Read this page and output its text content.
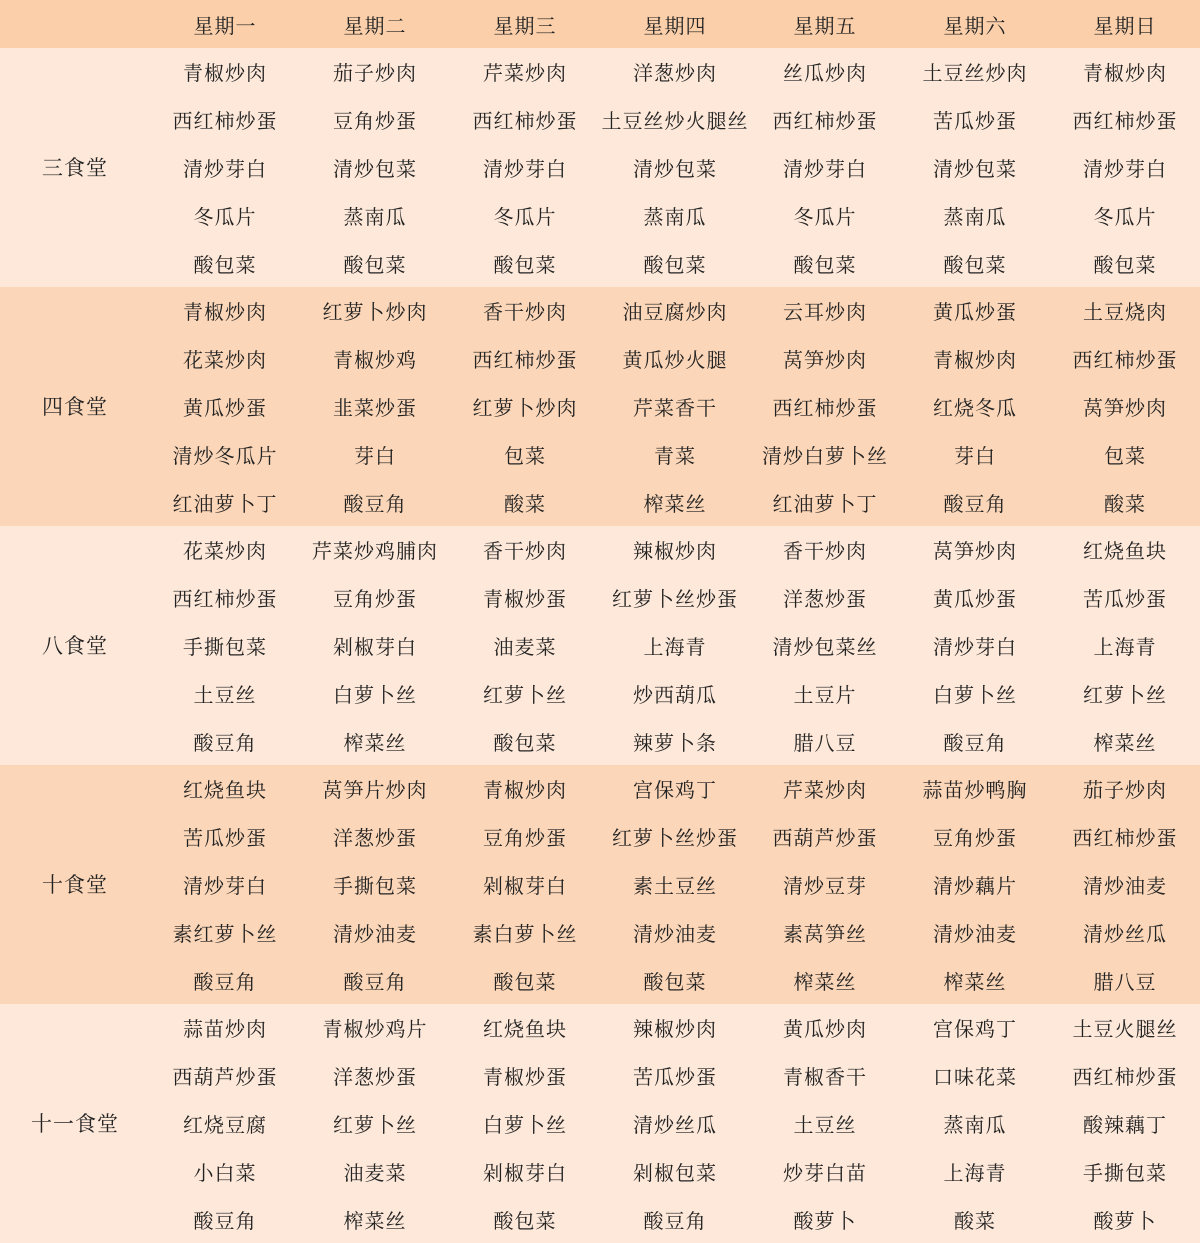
	星期一	星期二	星期三	星期四	星期五	星期六	星期日
三食堂	青椒炒肉	茄子炒肉	芹菜炒肉	洋葱炒肉	丝瓜炒肉	土豆丝炒肉	青椒炒肉
	西红柿炒蛋	豆角炒蛋	西红柿炒蛋	土豆丝炒火腿丝	西红柿炒蛋	苦瓜炒蛋	西红柿炒蛋
	清炒芽白	清炒包菜	清炒芽白	清炒包菜	清炒芽白	清炒包菜	清炒芽白
	冬瓜片	蒸南瓜	冬瓜片	蒸南瓜	冬瓜片	蒸南瓜	冬瓜片
	酸包菜	酸包菜	酸包菜	酸包菜	酸包菜	酸包菜	酸包菜
四食堂	青椒炒肉	红萝卜炒肉	香干炒肉	油豆腐炒肉	云耳炒肉	黄瓜炒蛋	土豆烧肉
	花菜炒肉	青椒炒鸡	西红柿炒蛋	黄瓜炒火腿	莴笋炒肉	青椒炒肉	西红柿炒蛋
	黄瓜炒蛋	韭菜炒蛋	红萝卜炒肉	芹菜香干	西红柿炒蛋	红烧冬瓜	莴笋炒肉
	清炒冬瓜片	芽白	包菜	青菜	清炒白萝卜丝	芽白	包菜
	红油萝卜丁	酸豆角	酸菜	榨菜丝	红油萝卜丁	酸豆角	酸菜
八食堂	花菜炒肉	芹菜炒鸡脯肉	香干炒肉	辣椒炒肉	香干炒肉	莴笋炒肉	红烧鱼块
	西红柿炒蛋	豆角炒蛋	青椒炒蛋	红萝卜丝炒蛋	洋葱炒蛋	黄瓜炒蛋	苦瓜炒蛋
	手撕包菜	剁椒芽白	油麦菜	上海青	清炒包菜丝	清炒芽白	上海青
	土豆丝	白萝卜丝	红萝卜丝	炒西葫瓜	土豆片	白萝卜丝	红萝卜丝
	酸豆角	榨菜丝	酸包菜	辣萝卜条	腊八豆	酸豆角	榨菜丝
十食堂	红烧鱼块	莴笋片炒肉	青椒炒肉	宫保鸡丁	芹菜炒肉	蒜苗炒鸭胸	茄子炒肉
	苦瓜炒蛋	洋葱炒蛋	豆角炒蛋	红萝卜丝炒蛋	西葫芦炒蛋	豆角炒蛋	西红柿炒蛋
	清炒芽白	手撕包菜	剁椒芽白	素土豆丝	清炒豆芽	清炒藕片	清炒油麦
	素红萝卜丝	清炒油麦	素白萝卜丝	清炒油麦	素莴笋丝	清炒油麦	清炒丝瓜
	酸豆角	酸豆角	酸包菜	酸包菜	榨菜丝	榨菜丝	腊八豆
十一食堂	蒜苗炒肉	青椒炒鸡片	红烧鱼块	辣椒炒肉	黄瓜炒肉	宫保鸡丁	土豆火腿丝
	西葫芦炒蛋	洋葱炒蛋	青椒炒蛋	苦瓜炒蛋	青椒香干	口味花菜	西红柿炒蛋
	红烧豆腐	红萝卜丝	白萝卜丝	清炒丝瓜	土豆丝	蒸南瓜	酸辣藕丁
	小白菜	油麦菜	剁椒芽白	剁椒包菜	炒芽白苗	上海青	手撕包菜
	酸豆角	榨菜丝	酸包菜	酸豆角	酸萝卜	酸菜	酸萝卜
